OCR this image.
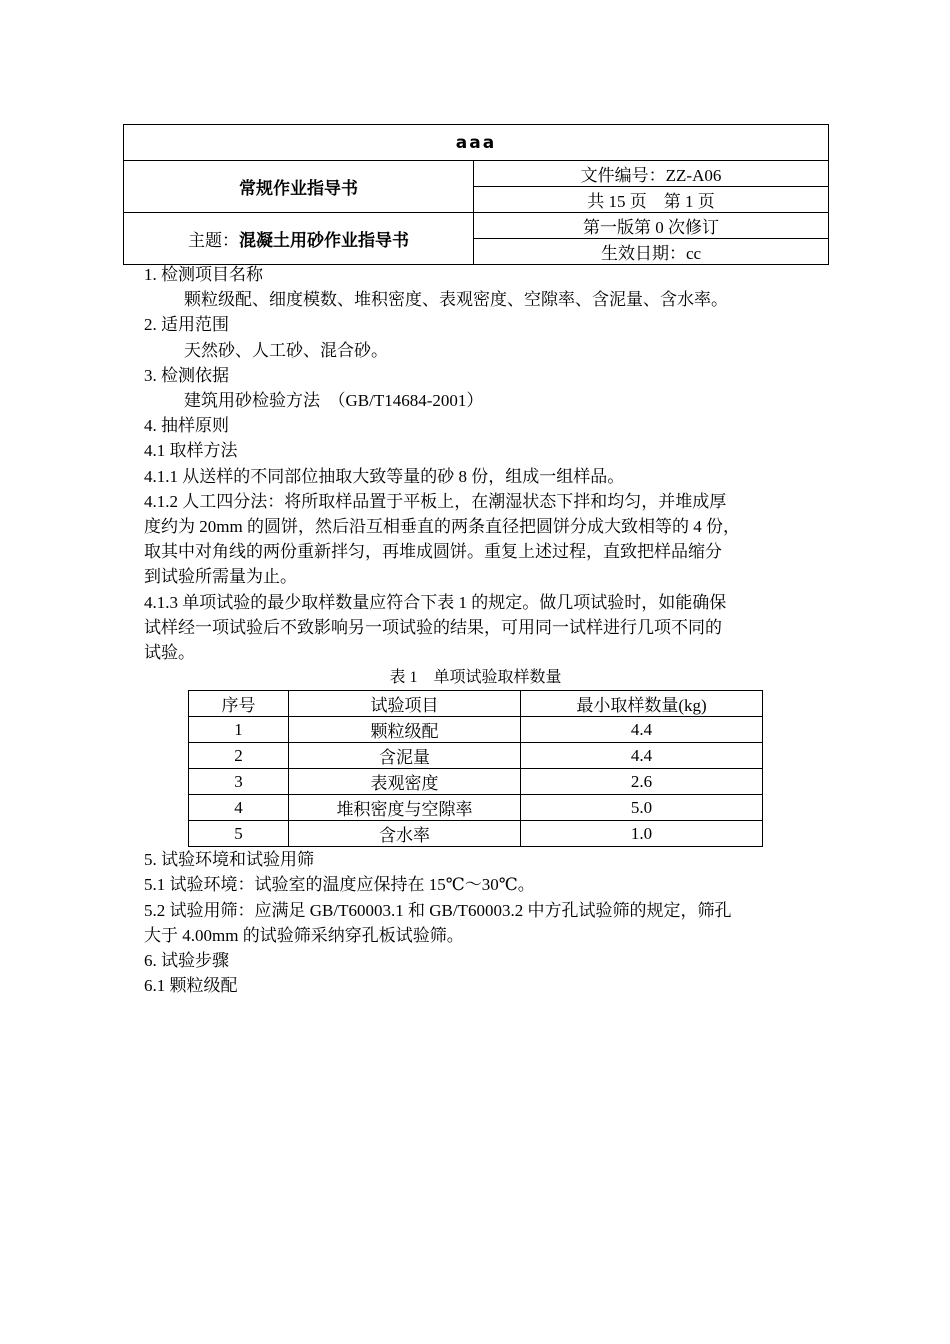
aaa	
常规作业指导书	文件编号：ZZ-A06
	共 15 页　第 1 页
主题：混凝土用砂作业指导书	第一版第 0 次修订
	生效日期：cc
1. 检测项目名称
颗粒级配、细度模数、堆积密度、表观密度、空隙率、含泥量、含水率。
2. 适用范围
天然砂、人工砂、混合砂。
3. 检测依据
建筑用砂检验方法　（GB/T14684-2001）
4. 抽样原则
4.1 取样方法
4.1.1 从送样的不同部位抽取大致等量的砂 8 份，组成一组样品。
4.1.2 人工四分法：将所取样品置于平板上，在潮湿状态下拌和均匀，并堆成厚
度约为 20mm 的圆饼，然后沿互相垂直的两条直径把圆饼分成大致相等的 4 份，
取其中对角线的两份重新拌匀，再堆成圆饼。重复上述过程，直致把样品缩分
到试验所需量为止。
4.1.3 单项试验的最少取样数量应符合下表 1 的规定。做几项试验时，如能确保
试样经一项试验后不致影响另一项试验的结果，可用同一试样进行几项不同的
试验。
表 1　单项试验取样数量
序号	试验项目	最小取样数量(kg)
1	颗粒级配	4.4
2	含泥量	4.4
3	表观密度	2.6
4	堆积密度与空隙率	5.0
5	含水率	1.0
5. 试验环境和试验用筛
5.1 试验环境：试验室的温度应保持在 15℃～30℃。
5.2 试验用筛：应满足 GB/T60003.1 和 GB/T60003.2 中方孔试验筛的规定，筛孔
大于 4.00mm 的试验筛采纳穿孔板试验筛。
6. 试验步骤
6.1 颗粒级配
